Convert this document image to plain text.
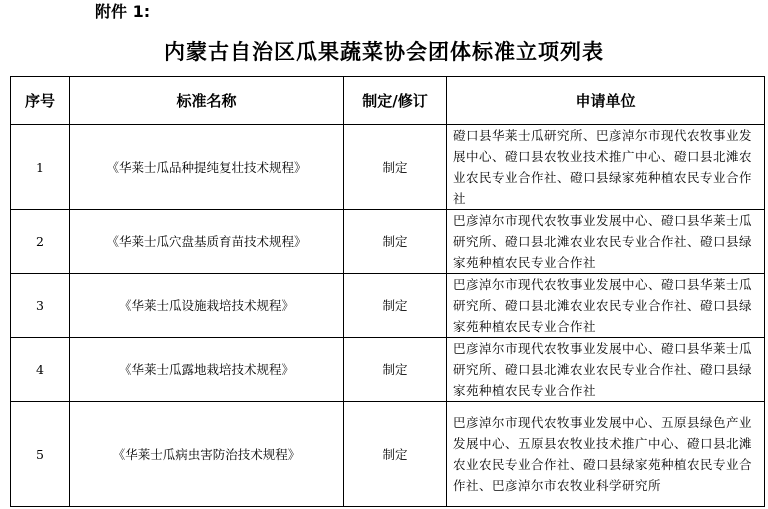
附件 1:
内蒙古自治区瓜果蔬菜协会团体标准立项列表
序号	标准名称	制定/修订	申请单位
1	《华莱士瓜品种提纯复壮技术规程》	制定	磴口县华莱士瓜研究所、巴彦淖尔市现代农牧事业发展中心、磴口县农牧业技术推广中心、磴口县北滩农业农民专业合作社、磴口县绿家苑种植农民专业合作社
2	《华莱士瓜穴盘基质育苗技术规程》	制定	巴彦淖尔市现代农牧事业发展中心、磴口县华莱士瓜研究所、磴口县北滩农业农民专业合作社、磴口县绿家苑种植农民专业合作社
3	《华莱士瓜设施栽培技术规程》	制定	巴彦淖尔市现代农牧事业发展中心、磴口县华莱士瓜研究所、磴口县北滩农业农民专业合作社、磴口县绿家苑种植农民专业合作社
4	《华莱士瓜露地栽培技术规程》	制定	巴彦淖尔市现代农牧事业发展中心、磴口县华莱士瓜研究所、磴口县北滩农业农民专业合作社、磴口县绿家苑种植农民专业合作社
5	《华莱士瓜病虫害防治技术规程》	制定	巴彦淖尔市现代农牧事业发展中心、五原县绿色产业发展中心、五原县农牧业技术推广中心、磴口县北滩农业农民专业合作社、磴口县绿家苑种植农民专业合作社、巴彦淖尔市农牧业科学研究所
